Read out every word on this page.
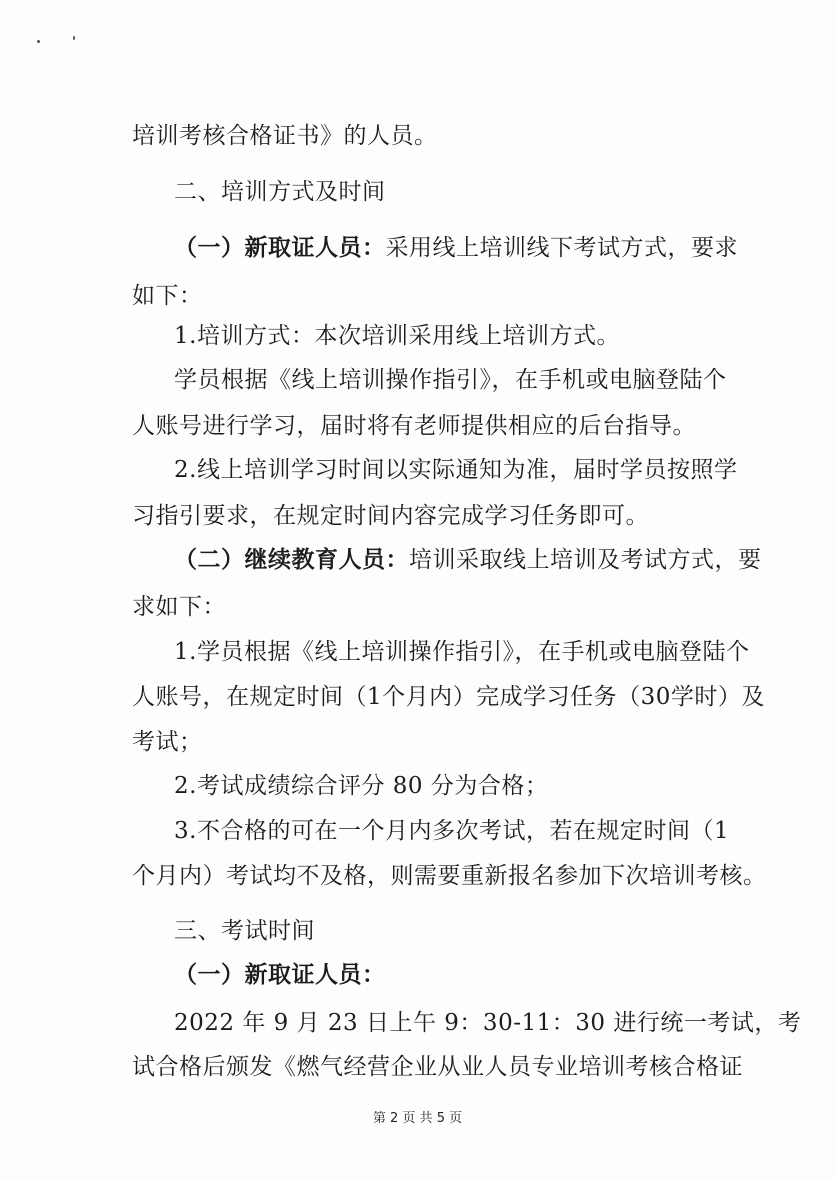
培训考核合格证书》的人员。
二、培训方式及时间
（一）新取证人员：采用线上培训线下考试方式，要求
如下：
1.培训方式：本次培训采用线上培训方式。
学员根据《线上培训操作指引》，在手机或电脑登陆个
人账号进行学习，届时将有老师提供相应的后台指导。
2.线上培训学习时间以实际通知为准，届时学员按照学
习指引要求，在规定时间内容完成学习任务即可。
（二）继续教育人员：培训采取线上培训及考试方式，要
求如下：
1.学员根据《线上培训操作指引》，在手机或电脑登陆个
人账号，在规定时间（1个月内）完成学习任务（30学时）及
考试；
2.考试成绩综合评分 80 分为合格；
3.不合格的可在一个月内多次考试，若在规定时间（1
个月内）考试均不及格，则需要重新报名参加下次培训考核。
三、考试时间
（一）新取证人员：
2022 年 9 月 23 日上午 9：30-11：30 进行统一考试，考
试合格后颁发《燃气经营企业从业人员专业培训考核合格证
第 2 页 共 5 页
